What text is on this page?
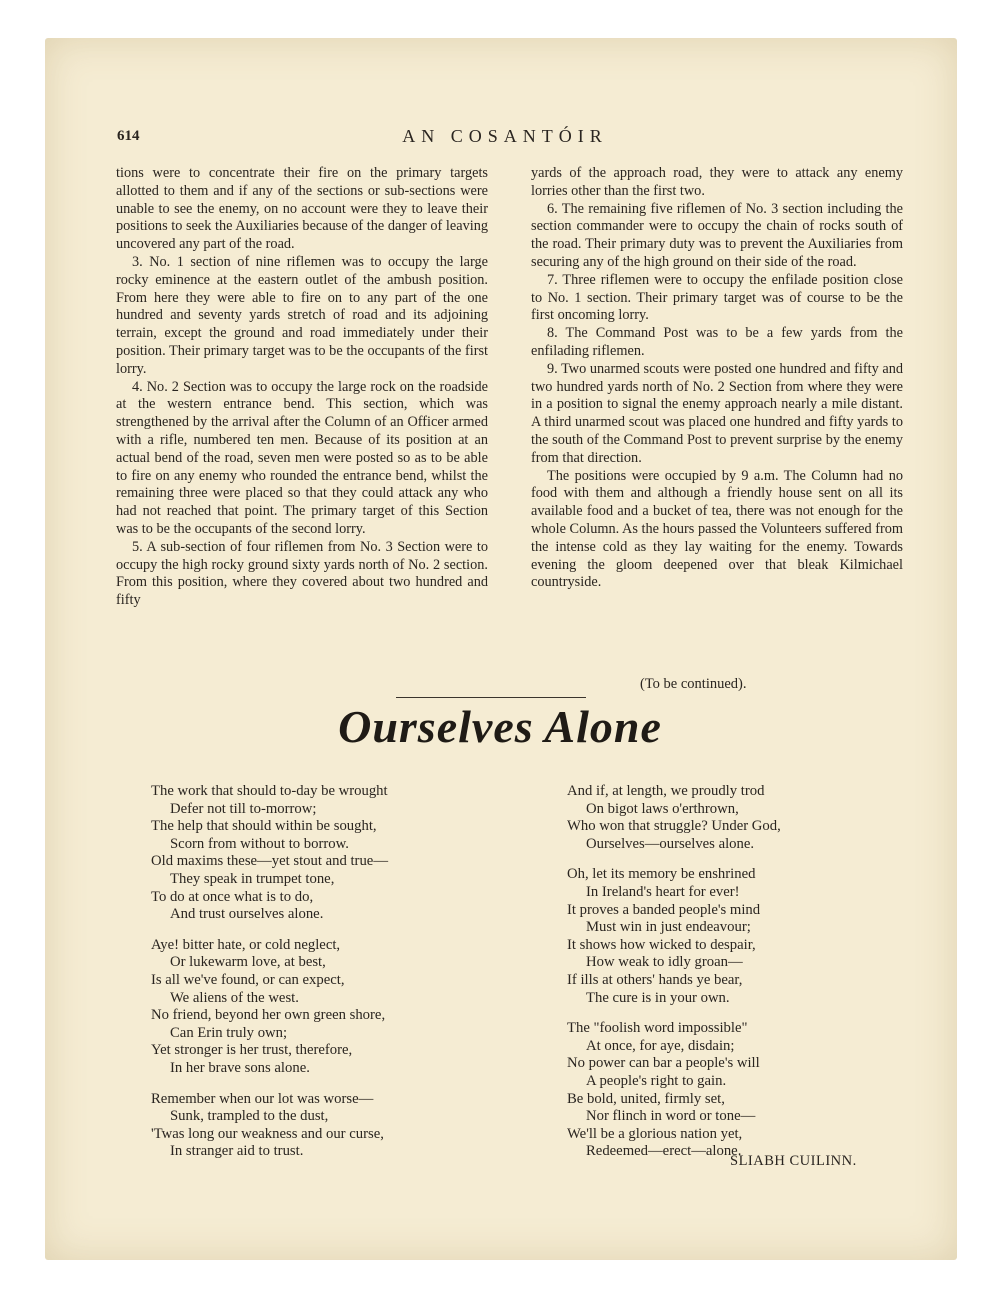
614	AN COSANTÓIR

tions were to concentrate their fire on the primary targets allotted to them and if any of the sections or sub-sections were unable to see the enemy, on no account were they to leave their positions to seek the Auxiliaries because of the danger of leaving uncovered any part of the road.

3. No. 1 section of nine riflemen was to occupy the large rocky eminence at the eastern outlet of the ambush position. From here they were able to fire on to any part of the one hundred and seventy yards stretch of road and its adjoining terrain, except the ground and road immediately under their position. Their primary target was to be the occupants of the first lorry.

4. No. 2 Section was to occupy the large rock on the roadside at the western entrance bend. This section, which was strengthened by the arrival after the Column of an Officer armed with a rifle, numbered ten men. Because of its position at an actual bend of the road, seven men were posted so as to be able to fire on any enemy who rounded the entrance bend, whilst the remaining three were placed so that they could attack any who had not reached that point. The primary target of this Section was to be the occupants of the second lorry.

5. A sub-section of four riflemen from No. 3 Section were to occupy the high rocky ground sixty yards north of No. 2 section. From this position, where they covered about two hundred and fifty

yards of the approach road, they were to attack any enemy lorries other than the first two.

6. The remaining five riflemen of No. 3 section including the section commander were to occupy the chain of rocks south of the road. Their primary duty was to prevent the Auxiliaries from securing any of the high ground on their side of the road.

7. Three riflemen were to occupy the enfilade position close to No. 1 section. Their primary target was of course to be the first oncoming lorry.

8. The Command Post was to be a few yards from the enfilading riflemen.

9. Two unarmed scouts were posted one hundred and fifty and two hundred yards north of No. 2 Section from where they were in a position to signal the enemy approach nearly a mile distant. A third unarmed scout was placed one hundred and fifty yards to the south of the Command Post to prevent surprise by the enemy from that direction.

The positions were occupied by 9 a.m. The Column had no food with them and although a friendly house sent on all its available food and a bucket of tea, there was not enough for the whole Column. As the hours passed the Volunteers suffered from the intense cold as they lay waiting for the enemy. Towards evening the gloom deepened over that bleak Kilmichael countryside.

(To be continued).
Ourselves Alone
The work that should to-day be wrought
Defer not till to-morrow;
The help that should within be sought,
Scorn from without to borrow.
Old maxims these—yet stout and true—
They speak in trumpet tone,
To do at once what is to do,
And trust ourselves alone.
Aye! bitter hate, or cold neglect,
Or lukewarm love, at best,
Is all we've found, or can expect,
We aliens of the west.
No friend, beyond her own green shore,
Can Erin truly own;
Yet stronger is her trust, therefore,
In her brave sons alone.
Remember when our lot was worse—
Sunk, trampled to the dust,
'Twas long our weakness and our curse,
In stranger aid to trust.
And if, at length, we proudly trod
On bigot laws o'erthrown,
Who won that struggle? Under God,
Ourselves—ourselves alone.
Oh, let its memory be enshrined
In Ireland's heart for ever!
It proves a banded people's mind
Must win in just endeavour;
It shows how wicked to despair,
How weak to idly groan—
If ills at others' hands ye bear,
The cure is in your own.
The "foolish word impossible"
At once, for aye, disdain;
No power can bar a people's will
A people's right to gain.
Be bold, united, firmly set,
Nor flinch in word or tone—
We'll be a glorious nation yet,
Redeemed—erect—alone.
SLIABH CUILINN.
